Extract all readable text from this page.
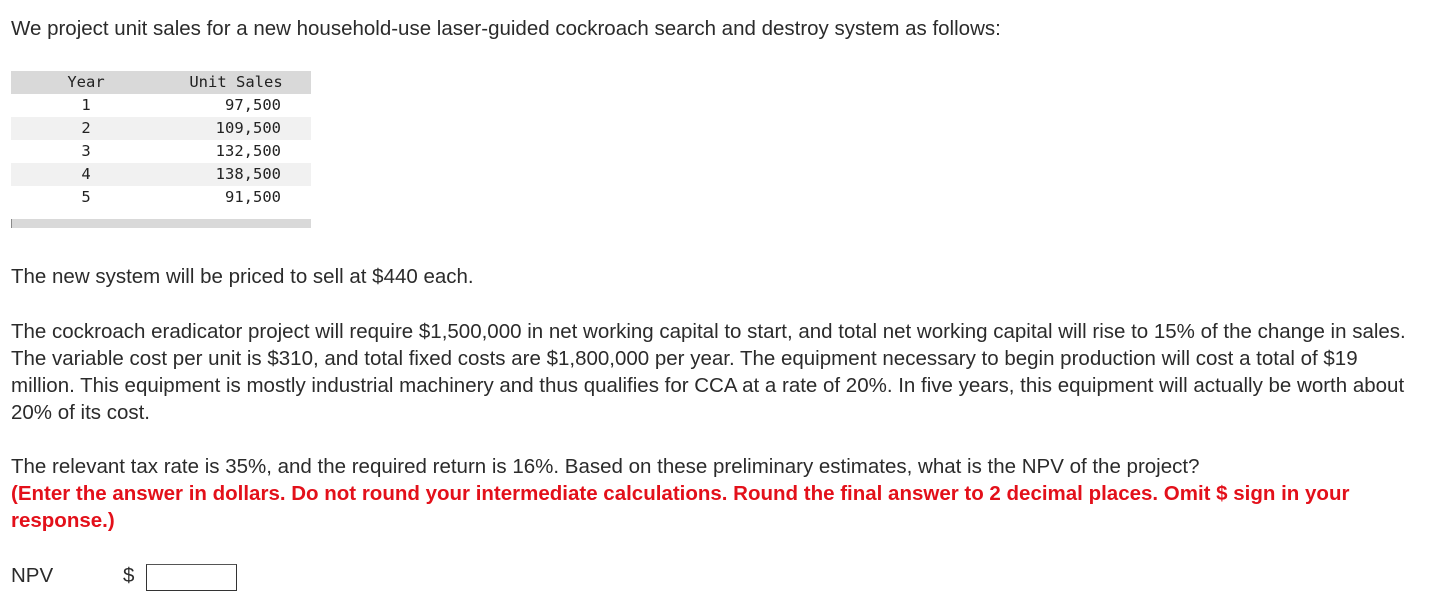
We project unit sales for a new household-use laser-guided cockroach search and destroy system as follows:

Year	Unit Sales
1	97,500
2	109,500
3	132,500
4	138,500
5	91,500

The new system will be priced to sell at $440 each.

The cockroach eradicator project will require $1,500,000 in net working capital to start, and total net working capital will rise to 15% of the change in sales. The variable cost per unit is $310, and total fixed costs are $1,800,000 per year. The equipment necessary to begin production will cost a total of $19 million. This equipment is mostly industrial machinery and thus qualifies for CCA at a rate of 20%. In five years, this equipment will actually be worth about 20% of its cost.

The relevant tax rate is 35%, and the required return is 16%. Based on these preliminary estimates, what is the NPV of the project?
(Enter the answer in dollars. Do not round your intermediate calculations. Round the final answer to 2 decimal places. Omit $ sign in your response.)

NPV	$
